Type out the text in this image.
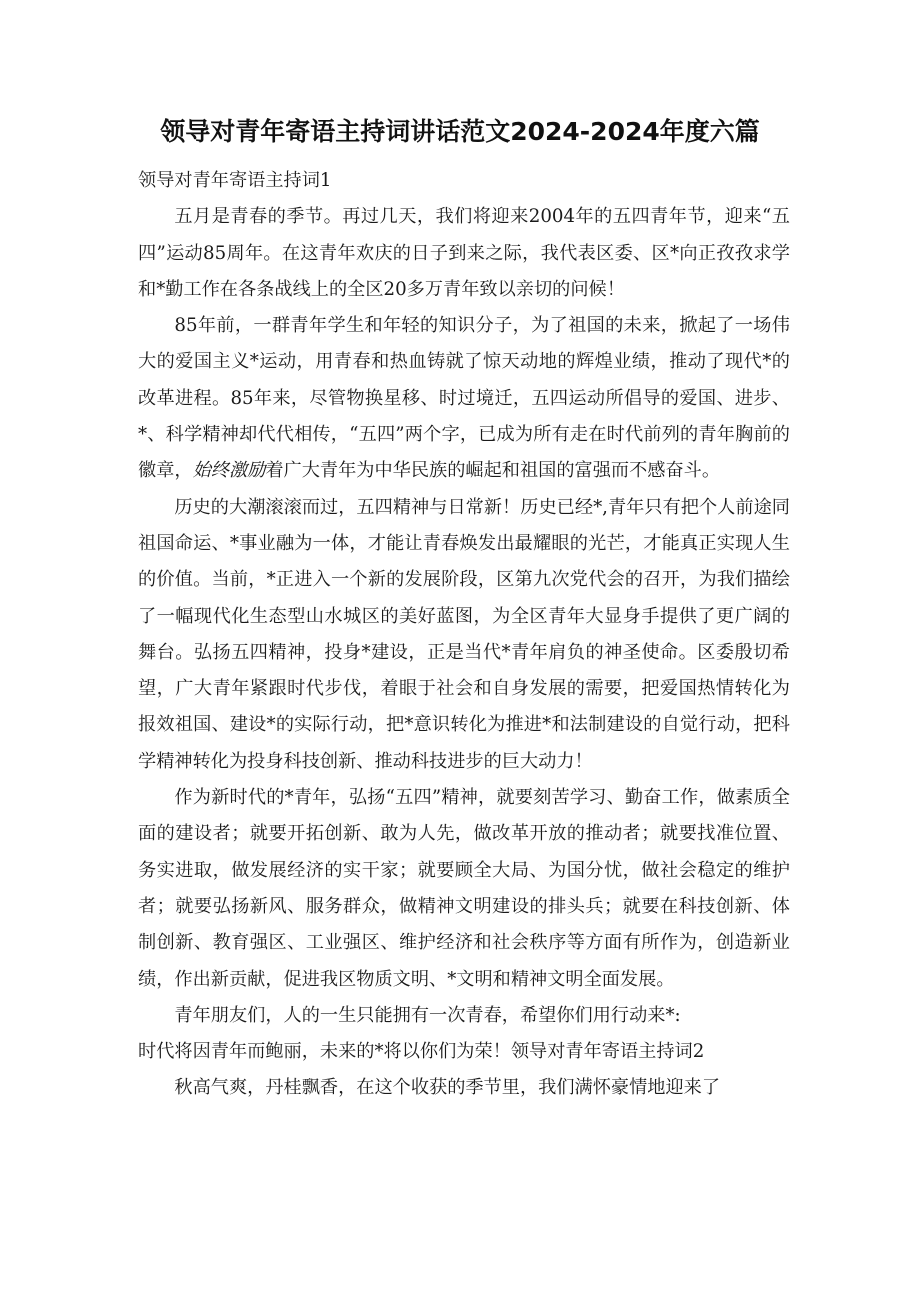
领导对青年寄语主持词讲话范文2024-2024年度六篇

领导对青年寄语主持词1

五月是青春的季节。再过几天，我们将迎来2004年的五四青年节，迎来“五四”运动85周年。在这青年欢庆的日子到来之际，我代表区委、区*向正孜孜求学和*勤工作在各条战线上的全区20多万青年致以亲切的问候！

85年前，一群青年学生和年轻的知识分子，为了祖国的未来，掀起了一场伟大的爱国主义*运动，用青春和热血铸就了惊天动地的辉煌业绩，推动了现代*的改革进程。85年来，尽管物换星移、时过境迁，五四运动所倡导的爱国、进步、*、科学精神却代代相传，“五四”两个字，已成为所有走在时代前列的青年胸前的徽章，始终激励着广大青年为中华民族的崛起和祖国的富强而不感奋斗。

历史的大潮滚滚而过，五四精神与日常新！历史已经*,青年只有把个人前途同祖国命运、*事业融为一体，才能让青春焕发出最耀眼的光芒，才能真正实现人生的价值。当前，*正进入一个新的发展阶段，区第九次党代会的召开，为我们描绘了一幅现代化生态型山水城区的美好蓝图，为全区青年大显身手提供了更广阔的舞台。弘扬五四精神，投身*建设，正是当代*青年肩负的神圣使命。区委殷切希望，广大青年紧跟时代步伐，着眼于社会和自身发展的需要，把爱国热情转化为报效祖国、建设*的实际行动，把*意识转化为推进*和法制建设的自觉行动，把科学精神转化为投身科技创新、推动科技进步的巨大动力！

作为新时代的*青年，弘扬“五四”精神，就要刻苦学习、勤奋工作，做素质全面的建设者；就要开拓创新、敢为人先，做改革开放的推动者；就要找准位置、务实进取，做发展经济的实干家；就要顾全大局、为国分忧，做社会稳定的维护者；就要弘扬新风、服务群众，做精神文明建设的排头兵；就要在科技创新、体制创新、教育强区、工业强区、维护经济和社会秩序等方面有所作为，创造新业绩，作出新贡献，促进我区物质文明、*文明和精神文明全面发展。

青年朋友们，人的一生只能拥有一次青春，希望你们用行动来*:
时代将因青年而鲍丽，未来的*将以你们为荣！领导对青年寄语主持词2

秋高气爽，丹桂飘香，在这个收获的季节里，我们满怀豪情地迎来了
